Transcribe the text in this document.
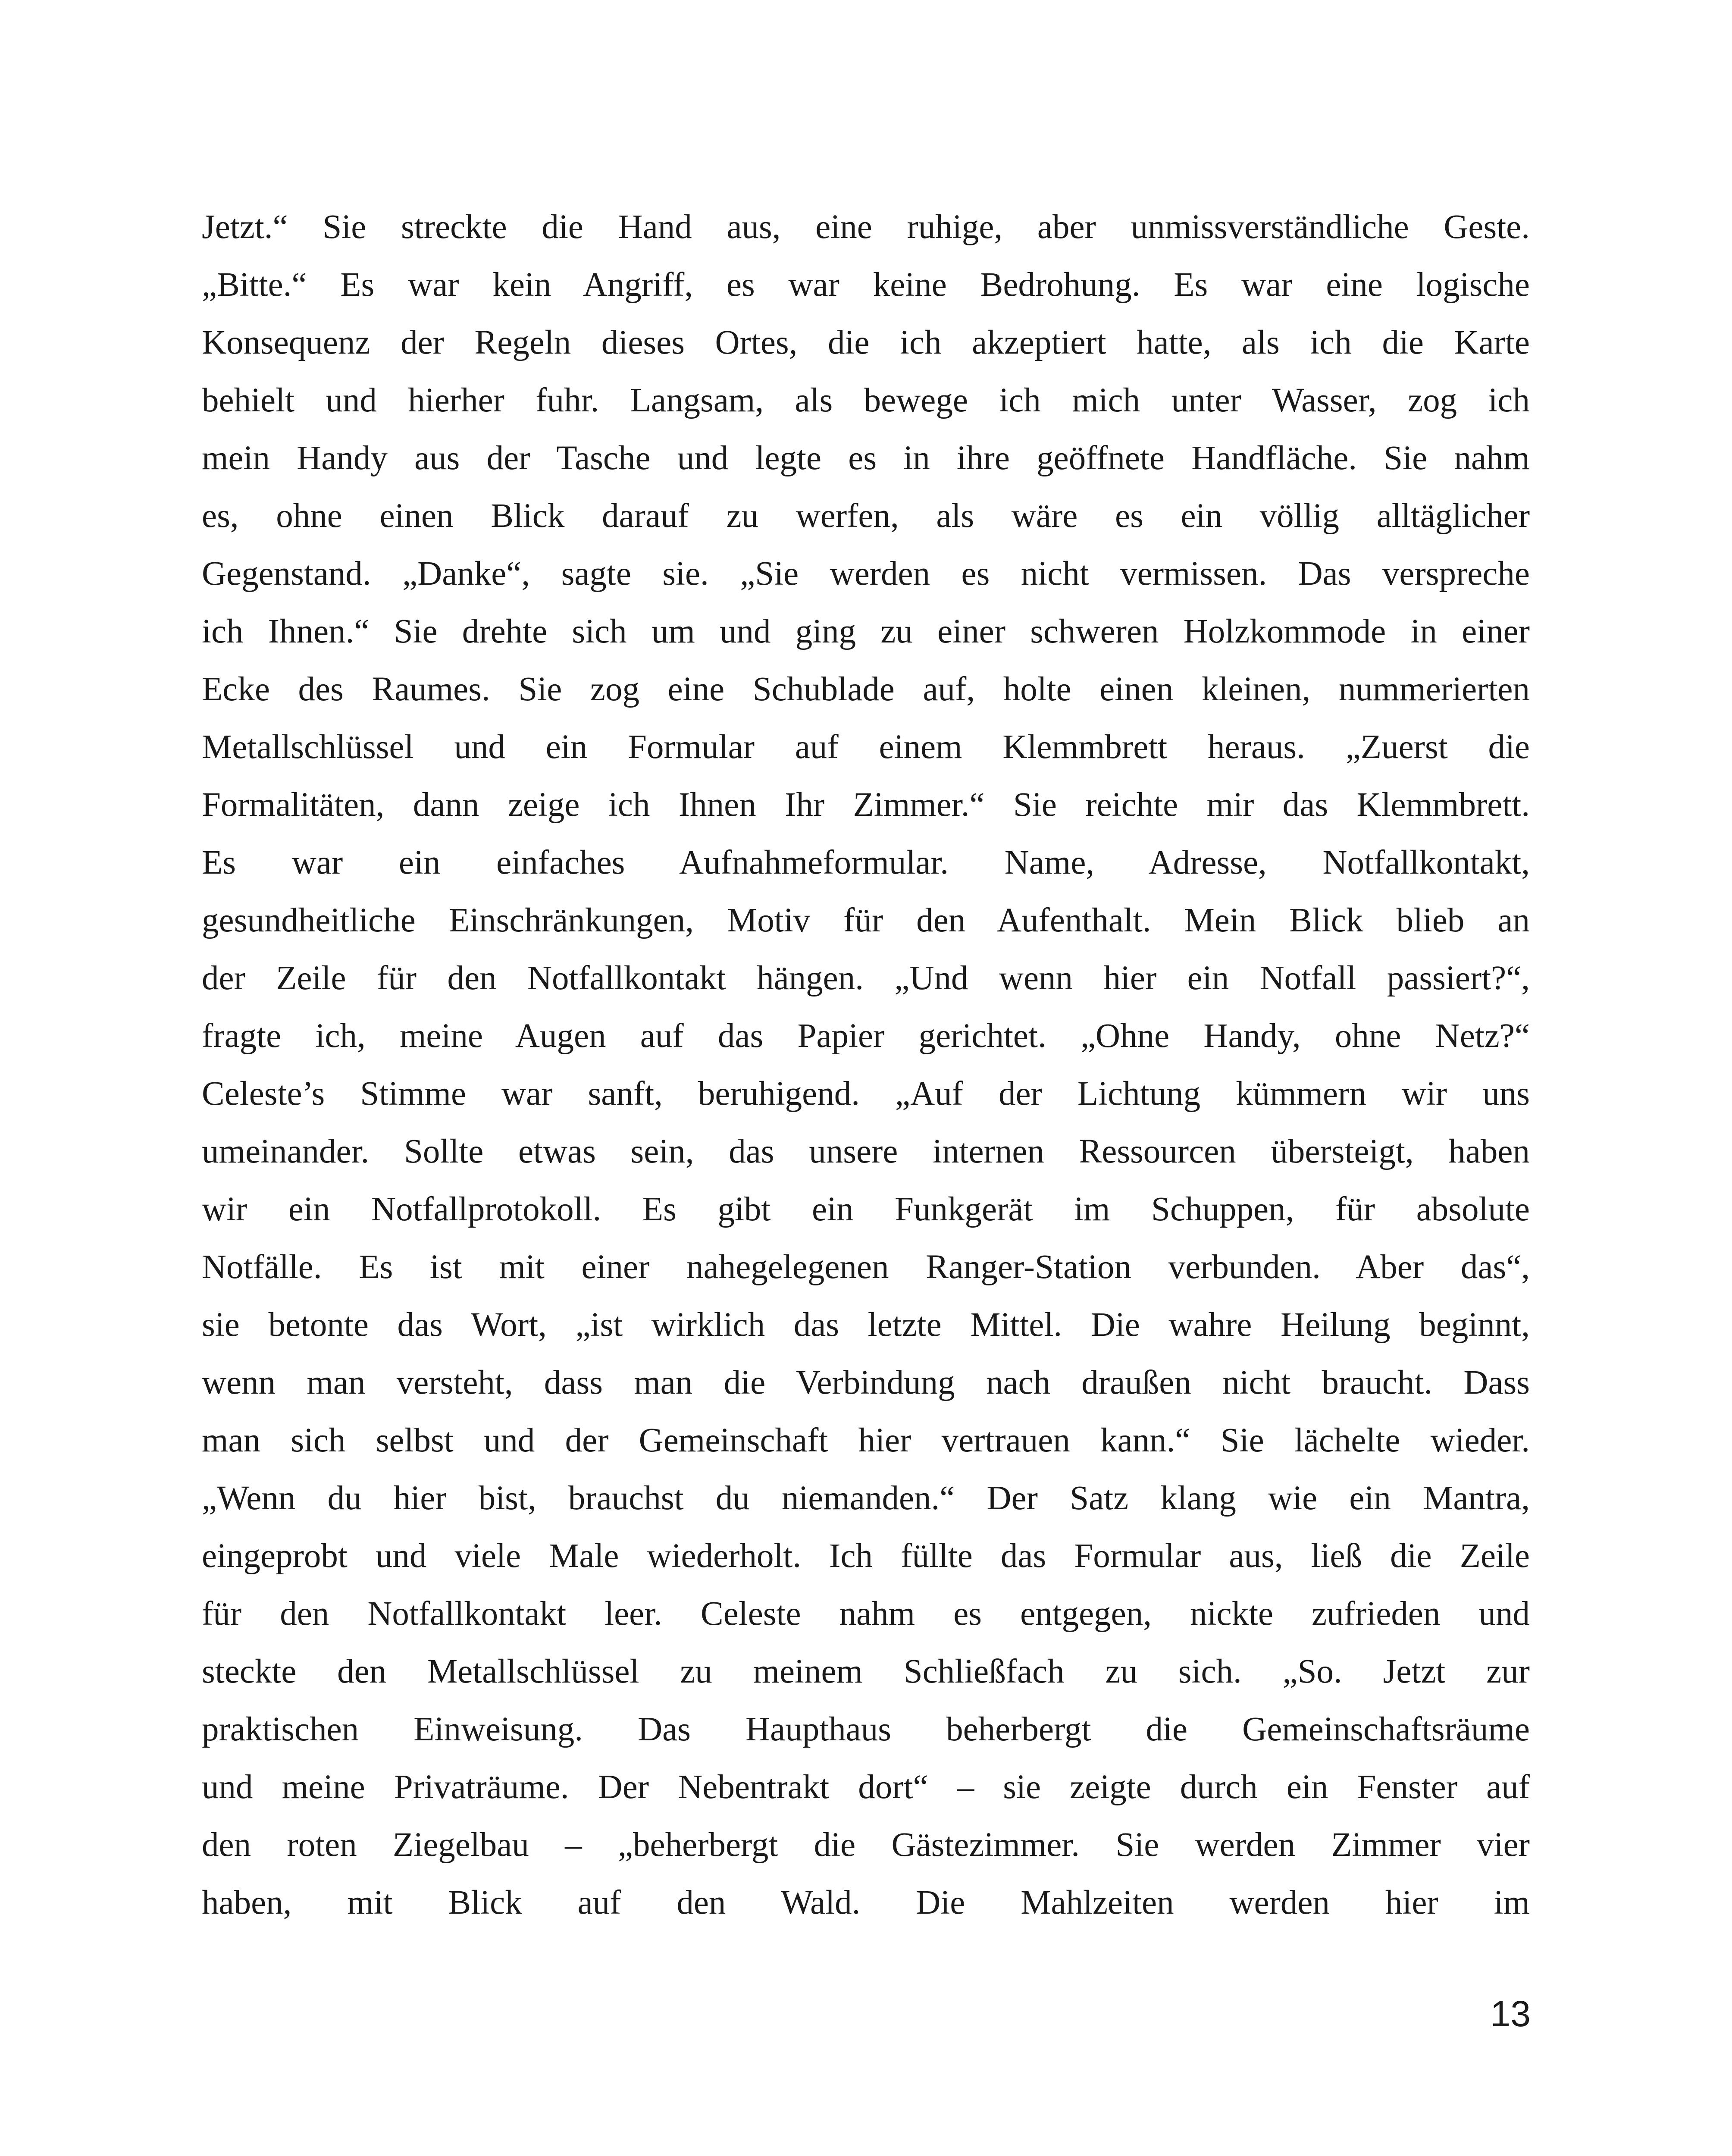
Jetzt.“ Sie streckte die Hand aus, eine ruhige, aber unmissverständliche Geste.
„Bitte.“ Es war kein Angriff, es war keine Bedrohung. Es war eine logische
Konsequenz der Regeln dieses Ortes, die ich akzeptiert hatte, als ich die Karte
behielt und hierher fuhr. Langsam, als bewege ich mich unter Wasser, zog ich
mein Handy aus der Tasche und legte es in ihre geöffnete Handfläche. Sie nahm
es, ohne einen Blick darauf zu werfen, als wäre es ein völlig alltäglicher
Gegenstand. „Danke“, sagte sie. „Sie werden es nicht vermissen. Das verspreche
ich Ihnen.“ Sie drehte sich um und ging zu einer schweren Holzkommode in einer
Ecke des Raumes. Sie zog eine Schublade auf, holte einen kleinen, nummerierten
Metallschlüssel und ein Formular auf einem Klemmbrett heraus. „Zuerst die
Formalitäten, dann zeige ich Ihnen Ihr Zimmer.“ Sie reichte mir das Klemmbrett.
Es war ein einfaches Aufnahmeformular. Name, Adresse, Notfallkontakt,
gesundheitliche Einschränkungen, Motiv für den Aufenthalt. Mein Blick blieb an
der Zeile für den Notfallkontakt hängen. „Und wenn hier ein Notfall passiert?“,
fragte ich, meine Augen auf das Papier gerichtet. „Ohne Handy, ohne Netz?“
Celeste’s Stimme war sanft, beruhigend. „Auf der Lichtung kümmern wir uns
umeinander. Sollte etwas sein, das unsere internen Ressourcen übersteigt, haben
wir ein Notfallprotokoll. Es gibt ein Funkgerät im Schuppen, für absolute
Notfälle. Es ist mit einer nahegelegenen Ranger-Station verbunden. Aber das“,
sie betonte das Wort, „ist wirklich das letzte Mittel. Die wahre Heilung beginnt,
wenn man versteht, dass man die Verbindung nach draußen nicht braucht. Dass
man sich selbst und der Gemeinschaft hier vertrauen kann.“ Sie lächelte wieder.
„Wenn du hier bist, brauchst du niemanden.“ Der Satz klang wie ein Mantra,
eingeprobt und viele Male wiederholt. Ich füllte das Formular aus, ließ die Zeile
für den Notfallkontakt leer. Celeste nahm es entgegen, nickte zufrieden und
steckte den Metallschlüssel zu meinem Schließfach zu sich. „So. Jetzt zur
praktischen Einweisung. Das Haupthaus beherbergt die Gemeinschaftsräume
und meine Privaträume. Der Nebentrakt dort“ – sie zeigte durch ein Fenster auf
den roten Ziegelbau – „beherbergt die Gästezimmer. Sie werden Zimmer vier
haben, mit Blick auf den Wald. Die Mahlzeiten werden hier im
13
